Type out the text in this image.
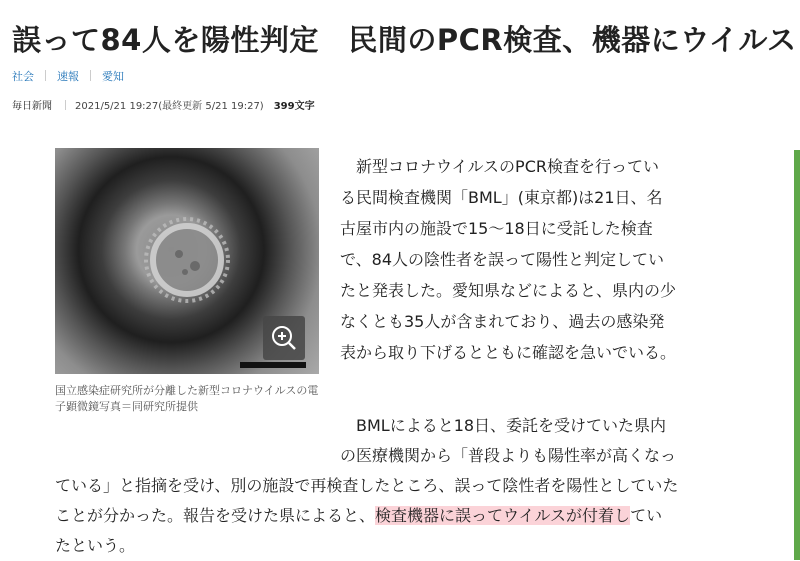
誤って84人を陽性判定　民間のPCR検査、機器にウイルス
社会 速報 愛知
毎日新聞 2021/5/21 19:27(最終更新 5/21 19:27) 399文字
国立感染症研究所が分離した新型コロナウイルスの電子顕微鏡写真＝同研究所提供
　新型コロナウイルスのPCR検査を行ってい
る民間検査機関「BML」(東京都)は21日、名
古屋市内の施設で15〜18日に受託した検査
で、84人の陰性者を誤って陽性と判定してい
たと発表した。愛知県などによると、県内の少
なくとも35人が含まれており、過去の感染発
表から取り下げるとともに確認を急いでいる。
　BMLによると18日、委託を受けていた県内
の医療機関から「普段よりも陽性率が高くなっ
ている」と指摘を受け、別の施設で再検査したところ、誤って陰性者を陽性としていた
ことが分かった。報告を受けた県によると、検査機器に誤ってウイルスが付着してい
たという。
